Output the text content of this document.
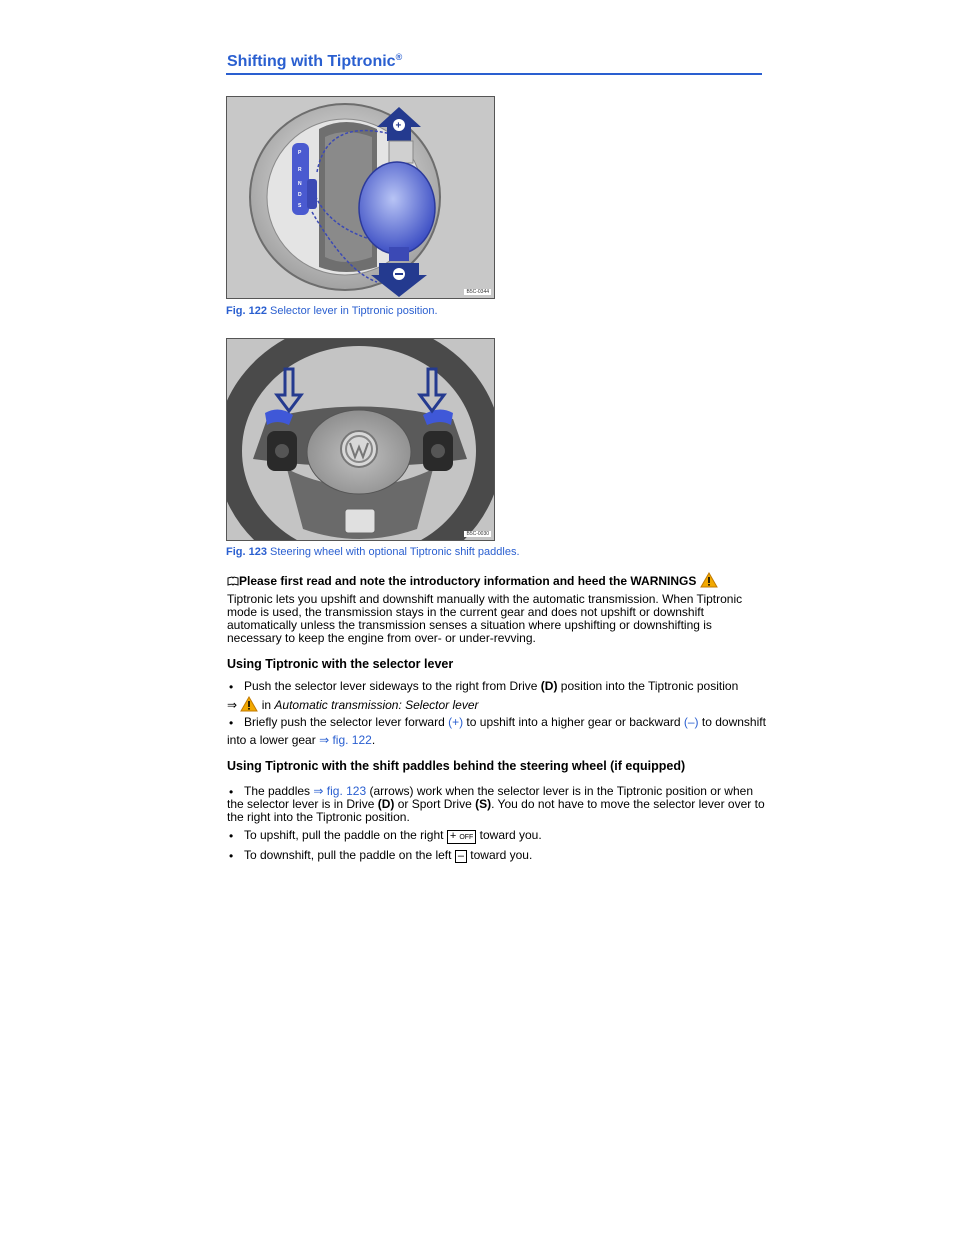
Shifting with Tiptronic®
P
R
N
D
S
+
B5C-0344
Fig. 122 Selector lever in Tiptronic position.
B5C-0030
Fig. 123 Steering wheel with optional Tiptronic shift paddles.
Please first read and note the introductory information and heed the WARNINGS
Tiptronic lets you upshift and downshift manually with the automatic transmission. When Tiptronic mode is used, the transmission stays in the current gear and does not upshift or downshift automatically unless the transmission senses a situation where upshifting or downshifting is necessary to keep the engine from over- or under-revving.
Using Tiptronic with the selector lever
• Push the selector lever sideways to the right from Drive (D) position into the Tiptronic position
⇒  in Automatic transmission: Selector lever
• Briefly push the selector lever forward (+) to upshift into a higher gear or backward (–) to downshift
into a lower gear ⇒ fig. 122.
Using Tiptronic with the shift paddles behind the steering wheel (if equipped)
• The paddles ⇒ fig. 123 (arrows) work when the selector lever is in the Tiptronic position or when
the selector lever is in Drive (D) or Sport Drive (S). You do not have to move the selector lever over to
the right into the Tiptronic position.
• To upshift, pull the paddle on the right + OFF toward you.
• To downshift, pull the paddle on the left – toward you.
